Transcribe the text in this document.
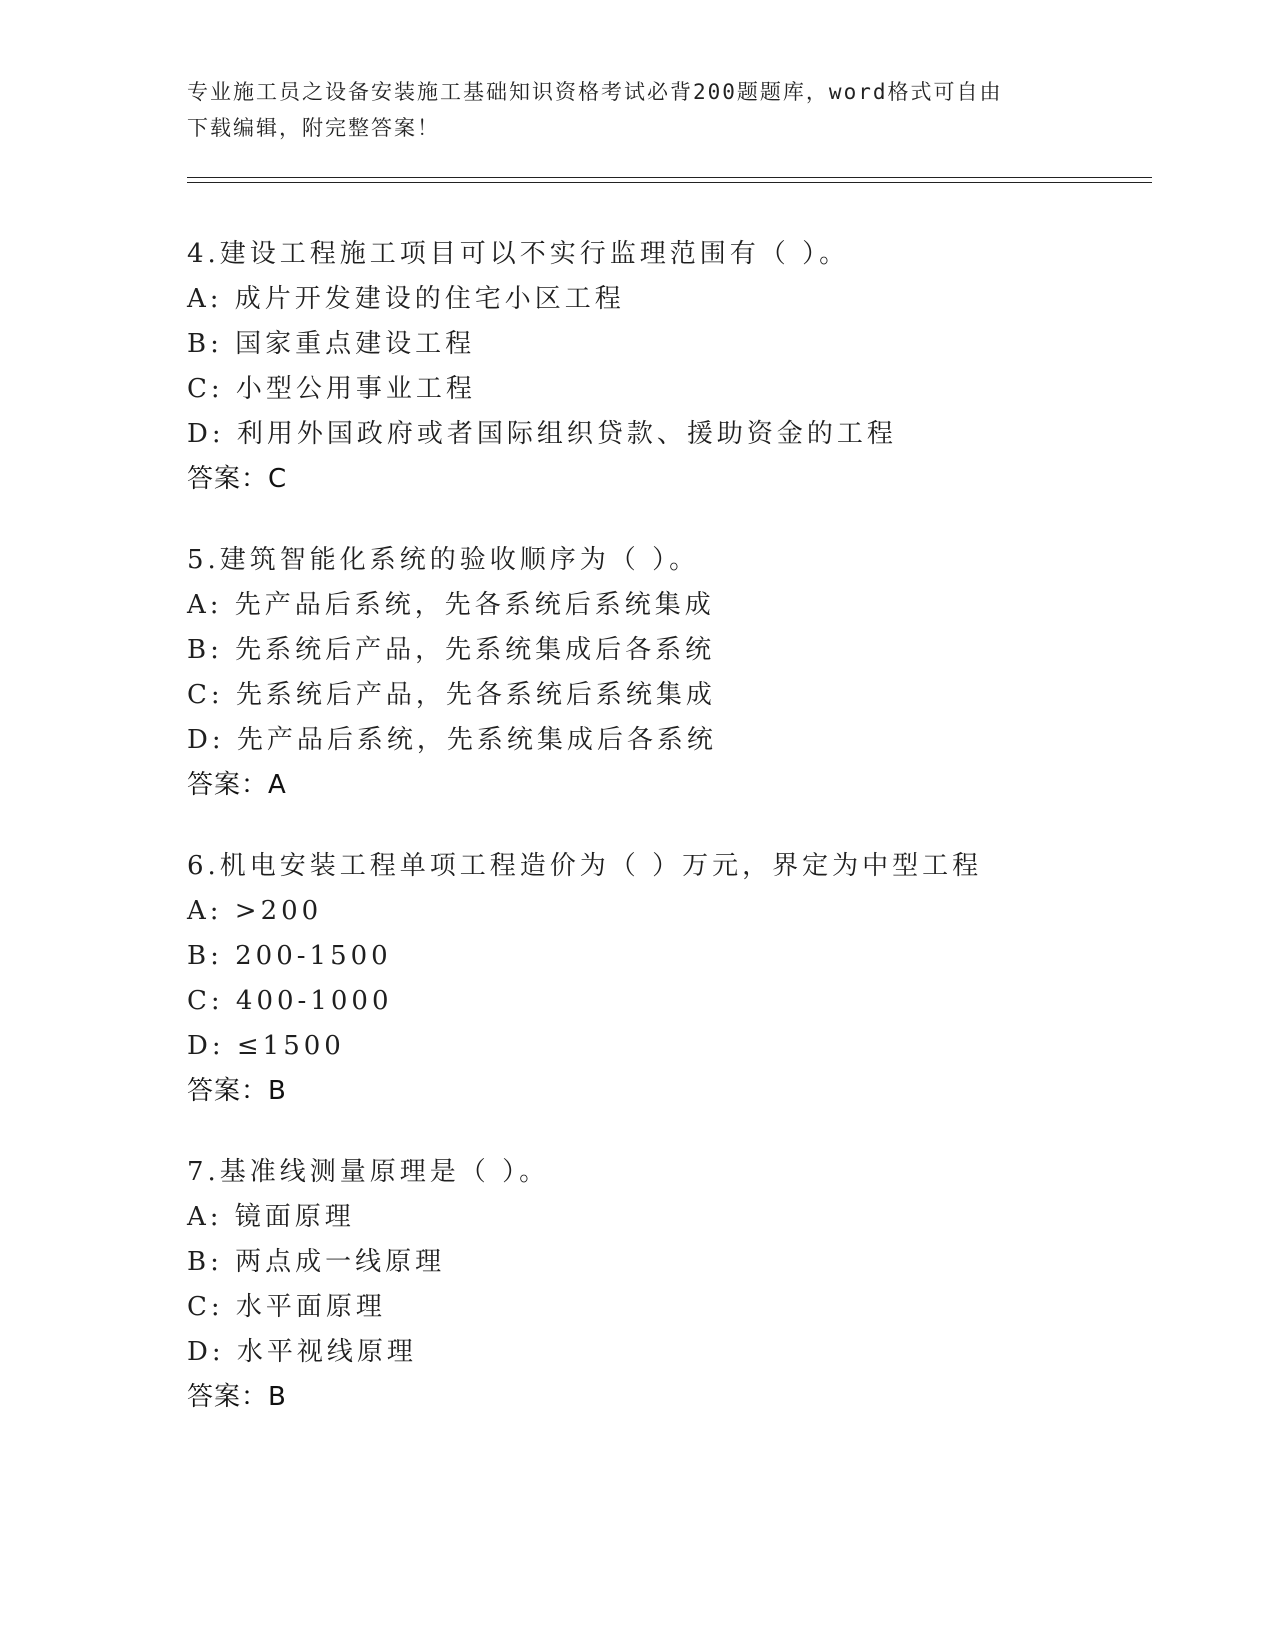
专业施工员之设备安装施工基础知识资格考试必背200题题库，word格式可自由
下载编辑，附完整答案！
4.建设工程施工项目可以不实行监理范围有（ ）。
A: 成片开发建设的住宅小区工程
B: 国家重点建设工程
C: 小型公用事业工程
D: 利用外国政府或者国际组织贷款、援助资金的工程
答案：C
5.建筑智能化系统的验收顺序为（ ）。
A: 先产品后系统，先各系统后系统集成
B: 先系统后产品，先系统集成后各系统
C: 先系统后产品，先各系统后系统集成
D: 先产品后系统，先系统集成后各系统
答案：A
6.机电安装工程单项工程造价为（ ）万元，界定为中型工程
A: >200
B: 200-1500
C: 400-1000
D: ≤1500
答案：B
7.基准线测量原理是（ ）。
A: 镜面原理
B: 两点成一线原理
C: 水平面原理
D: 水平视线原理
答案：B
